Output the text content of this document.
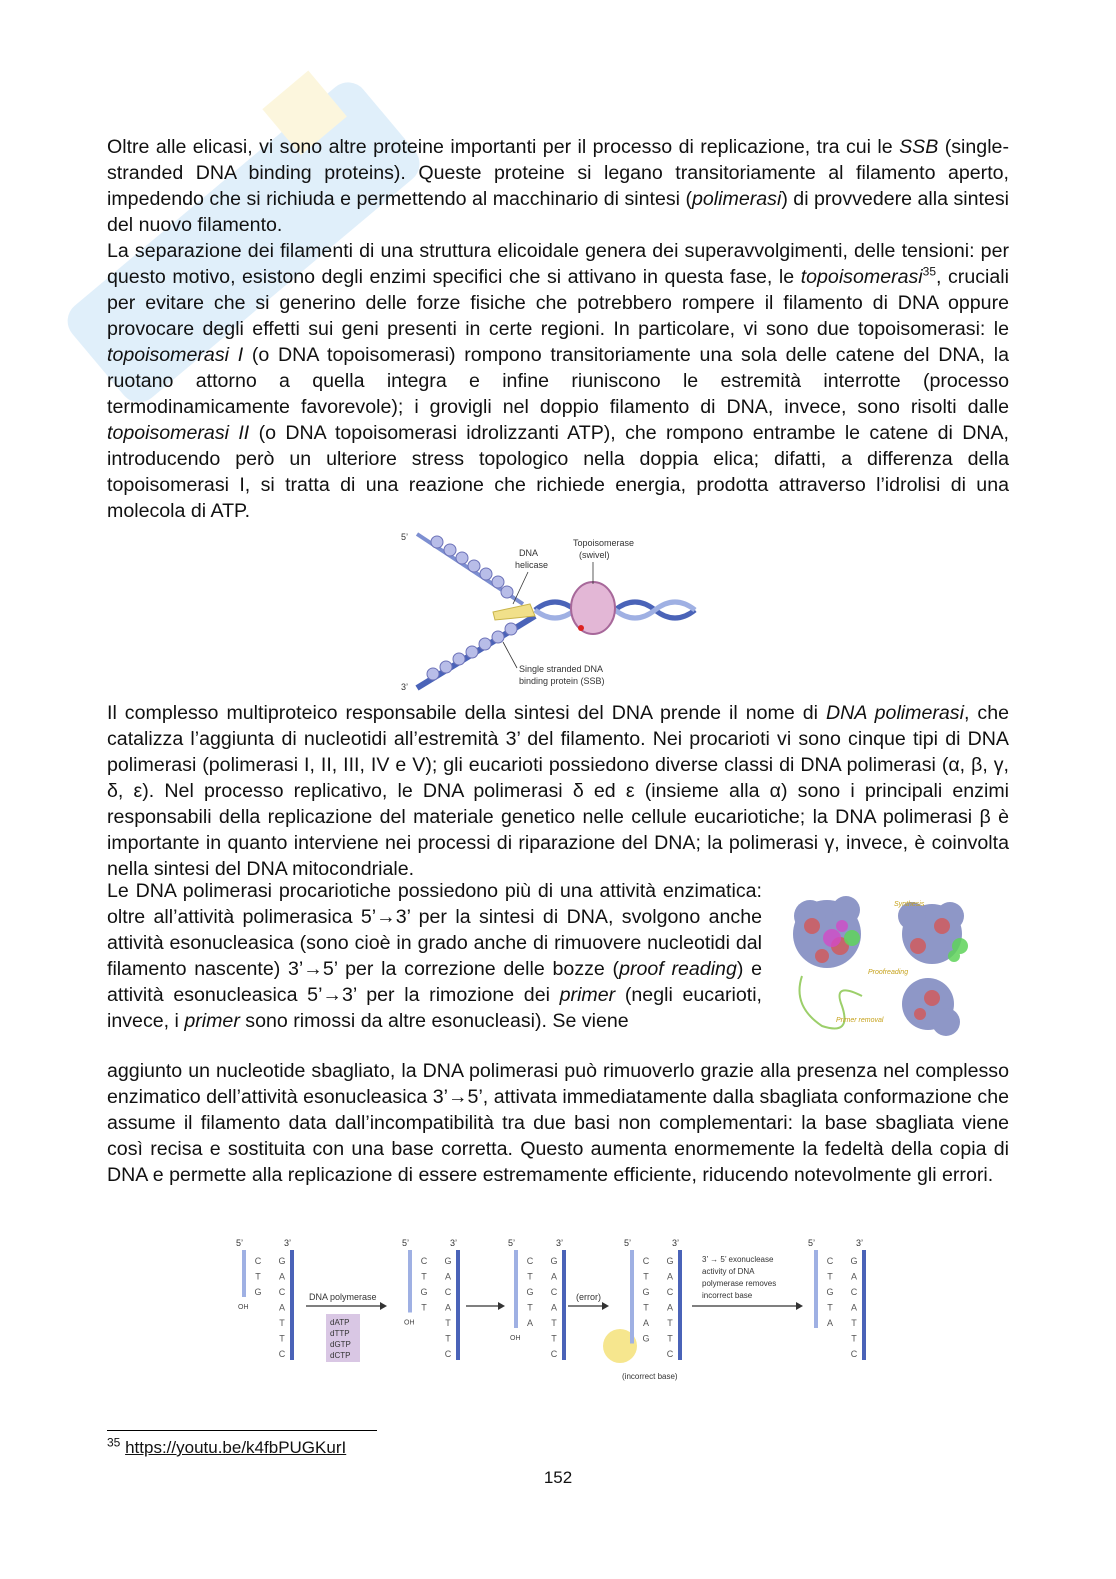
Oltre alle elicasi, vi sono altre proteine importanti per il processo di replicazione, tra cui le SSB (single-stranded DNA binding proteins). Queste proteine si legano transitoriamente al filamento aperto, impedendo che si richiuda e permettendo al macchinario di sintesi (polimerasi) di provvedere alla sintesi del nuovo filamento.

La separazione dei filamenti di una struttura elicoidale genera dei superavvolgimenti, delle tensioni: per questo motivo, esistono degli enzimi specifici che si attivano in questa fase, le topoisomerasi$^{35}$, cruciali per evitare che si generino delle forze fisiche che potrebbero rompere il filamento di DNA oppure provocare degli effetti sui geni presenti in certe regioni. In particolare, vi sono due topoisomerasi: le topoisomerasi I (o DNA topoisomerasi) rompono transitoriamente una sola delle catene del DNA, la ruotano attorno a quella integra e infine riuniscono le estremità interrotte (processo termodinamicamente favorevole); i grovigli nel doppio filamento di DNA, invece, sono risolti dalle topoisomerasi II (o DNA topoisomerasi idrolizzanti ATP), che rompono entrambe le catene di DNA, introducendo però un ulteriore stress topologico nella doppia elica; difatti, a differenza della topoisomerasi I, si tratta di una reazione che richiede energia, prodotta attraverso l’idrolisi di una molecola di ATP.

5’
3’
DNA
helicase
Topoisomerase
(swivel)
Single stranded DNA
binding protein (SSB)

Il complesso multiproteico responsabile della sintesi del DNA prende il nome di DNA polimerasi, che catalizza l’aggiunta di nucleotidi all’estremità 3’ del filamento. Nei procarioti vi sono cinque tipi di DNA polimerasi (polimerasi I, II, III, IV e V); gli eucarioti possiedono diverse classi di DNA polimerasi (α, β, γ, δ, ε). Nel processo replicativo, le DNA polimerasi δ ed ε (insieme alla α) sono i principali enzimi responsabili della replicazione del materiale genetico nelle cellule eucariotiche; la DNA polimerasi β è importante in quanto interviene nei processi di riparazione del DNA; la polimerasi γ, invece, è coinvolta nella sintesi del DNA mitocondriale.

Le DNA polimerasi procariotiche possiedono più di una attività enzimatica: oltre all’attività polimerasica 5’→3’ per la sintesi di DNA, svolgono anche attività esonucleasica (sono cioè in grado anche di rimuovere nucleotidi dal filamento nascente) 3’→5’ per la correzione delle bozze (proof reading) e attività esonucleasica 5’→3’ per la rimozione dei primer (negli eucarioti, invece, i primer sono rimossi da altre esonucleasi). Se viene

Synthesis
Proofreading
Primer removal

aggiunto un nucleotide sbagliato, la DNA polimerasi può rimuoverlo grazie alla presenza nel complesso enzimatico dell’attività esonucleasica 3’→5’, attivata immediatamente dalla sbagliata conformazione che assume il filamento data dall’incompatibilità tra due basi non complementari: la base sbagliata viene così recisa e sostituita con una base corretta. Questo aumenta enormemente la fedeltà della copia di DNA e permette alla replicazione di essere estremamente efficiente, riducendo notevolmente gli errori.

DNA polymerase
dATP
dTTP
dGTP
dCTP
(error)
3’ → 5’ exonuclease
activity of DNA
polymerase removes
incorrect base
(incorrect base)
5’	3’
G
A
C
A
T
T
C
C
T
G
OH
5’	3’
G
A
C
A
T
T
C
C
T
G
T
OH
5’	3’
G
A
C
A
T
T
C
C
T
G
T
A
OH
5’	3’
G
A
C
A
T
T
C
C
T
G
T
A
G
5’	3’
G
A
C
A
T
T
C
C
T
G
T
A
$^{35}$ https://youtu.be/k4fbPUGKurI
152
